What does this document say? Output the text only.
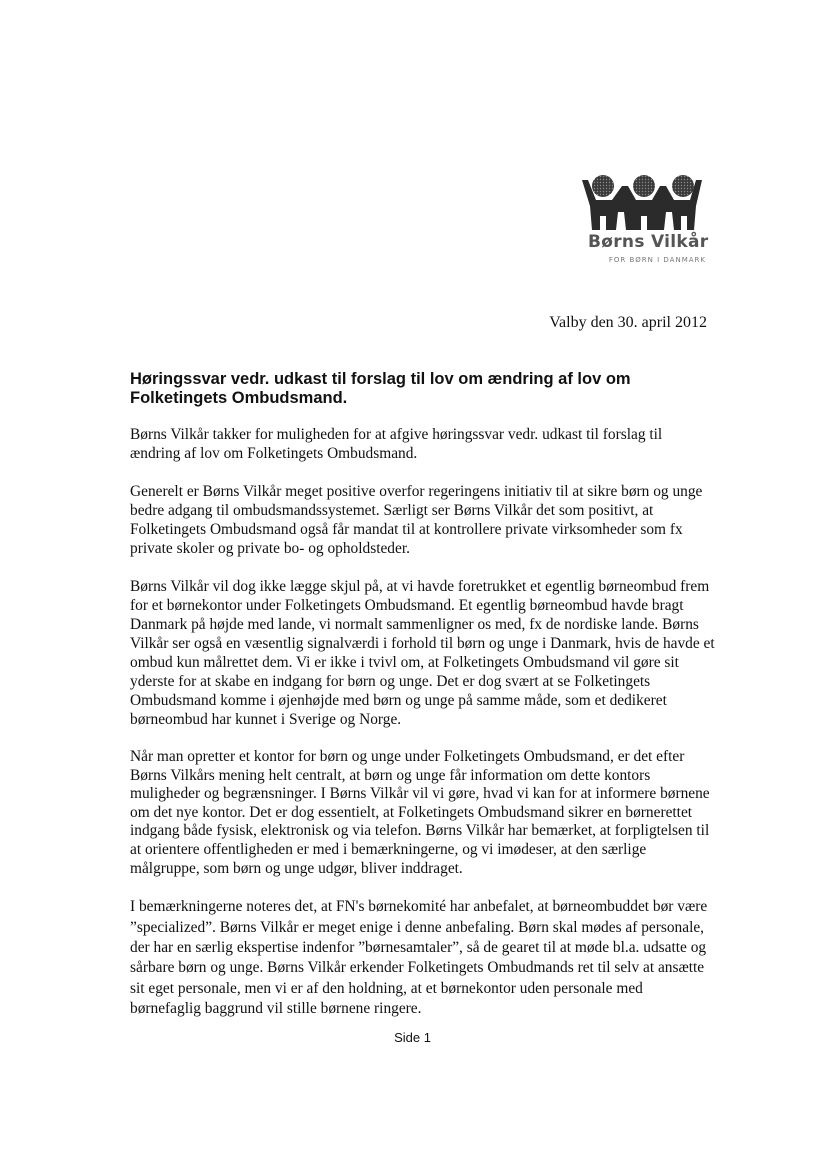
Børns Vilkår
FOR BØRN I DANMARK
Valby den 30. april 2012
Høringssvar vedr. udkast til forslag til lov om ændring af lov om Folketingets Ombudsmand.

Børns Vilkår takker for muligheden for at afgive høringssvar vedr. udkast til forslag til ændring af lov om Folketingets Ombudsmand.

Generelt er Børns Vilkår meget positive overfor regeringens initiativ til at sikre børn og unge bedre adgang til ombudsmandssystemet. Særligt ser Børns Vilkår det som positivt, at Folketingets Ombudsmand også får mandat til at kontrollere private virksomheder som fx private skoler og private bo- og opholdsteder.

Børns Vilkår vil dog ikke lægge skjul på, at vi havde foretrukket et egentlig børneombud frem for et børnekontor under Folketingets Ombudsmand. Et egentlig børneombud havde bragt Danmark på højde med lande, vi normalt sammenligner os med, fx de nordiske lande. Børns Vilkår ser også en væsentlig signalværdi i forhold til børn og unge i Danmark, hvis de havde et ombud kun målrettet dem. Vi er ikke i tvivl om, at Folketingets Ombudsmand vil gøre sit yderste for at skabe en indgang for børn og unge. Det er dog svært at se Folketingets Ombudsmand komme i øjenhøjde med børn og unge på samme måde, som et dedikeret børneombud har kunnet i Sverige og Norge.

Når man opretter et kontor for børn og unge under Folketingets Ombudsmand, er det efter Børns Vilkårs mening helt centralt, at børn og unge får information om dette kontors muligheder og begrænsninger. I Børns Vilkår vil vi gøre, hvad vi kan for at informere børnene om det nye kontor. Det er dog essentielt, at Folketingets Ombudsmand sikrer en børnerettet indgang både fysisk, elektronisk og via telefon. Børns Vilkår har bemærket, at forpligtelsen til at orientere offentligheden er med i bemærkningerne, og vi imødeser, at den særlige målgruppe, som børn og unge udgør, bliver inddraget.

I bemærkningerne noteres det, at FN's børnekomité har anbefalet, at børneombuddet bør være ”specialized”. Børns Vilkår er meget enige i denne anbefaling. Børn skal mødes af personale, der har en særlig ekspertise indenfor ”børnesamtaler”, så de gearet til at møde bl.a. udsatte og sårbare børn og unge. Børns Vilkår erkender Folketingets Ombudmands ret til selv at ansætte sit eget personale, men vi er af den holdning, at et børnekontor uden personale med børnefaglig baggrund vil stille børnene ringere.

Side 1
